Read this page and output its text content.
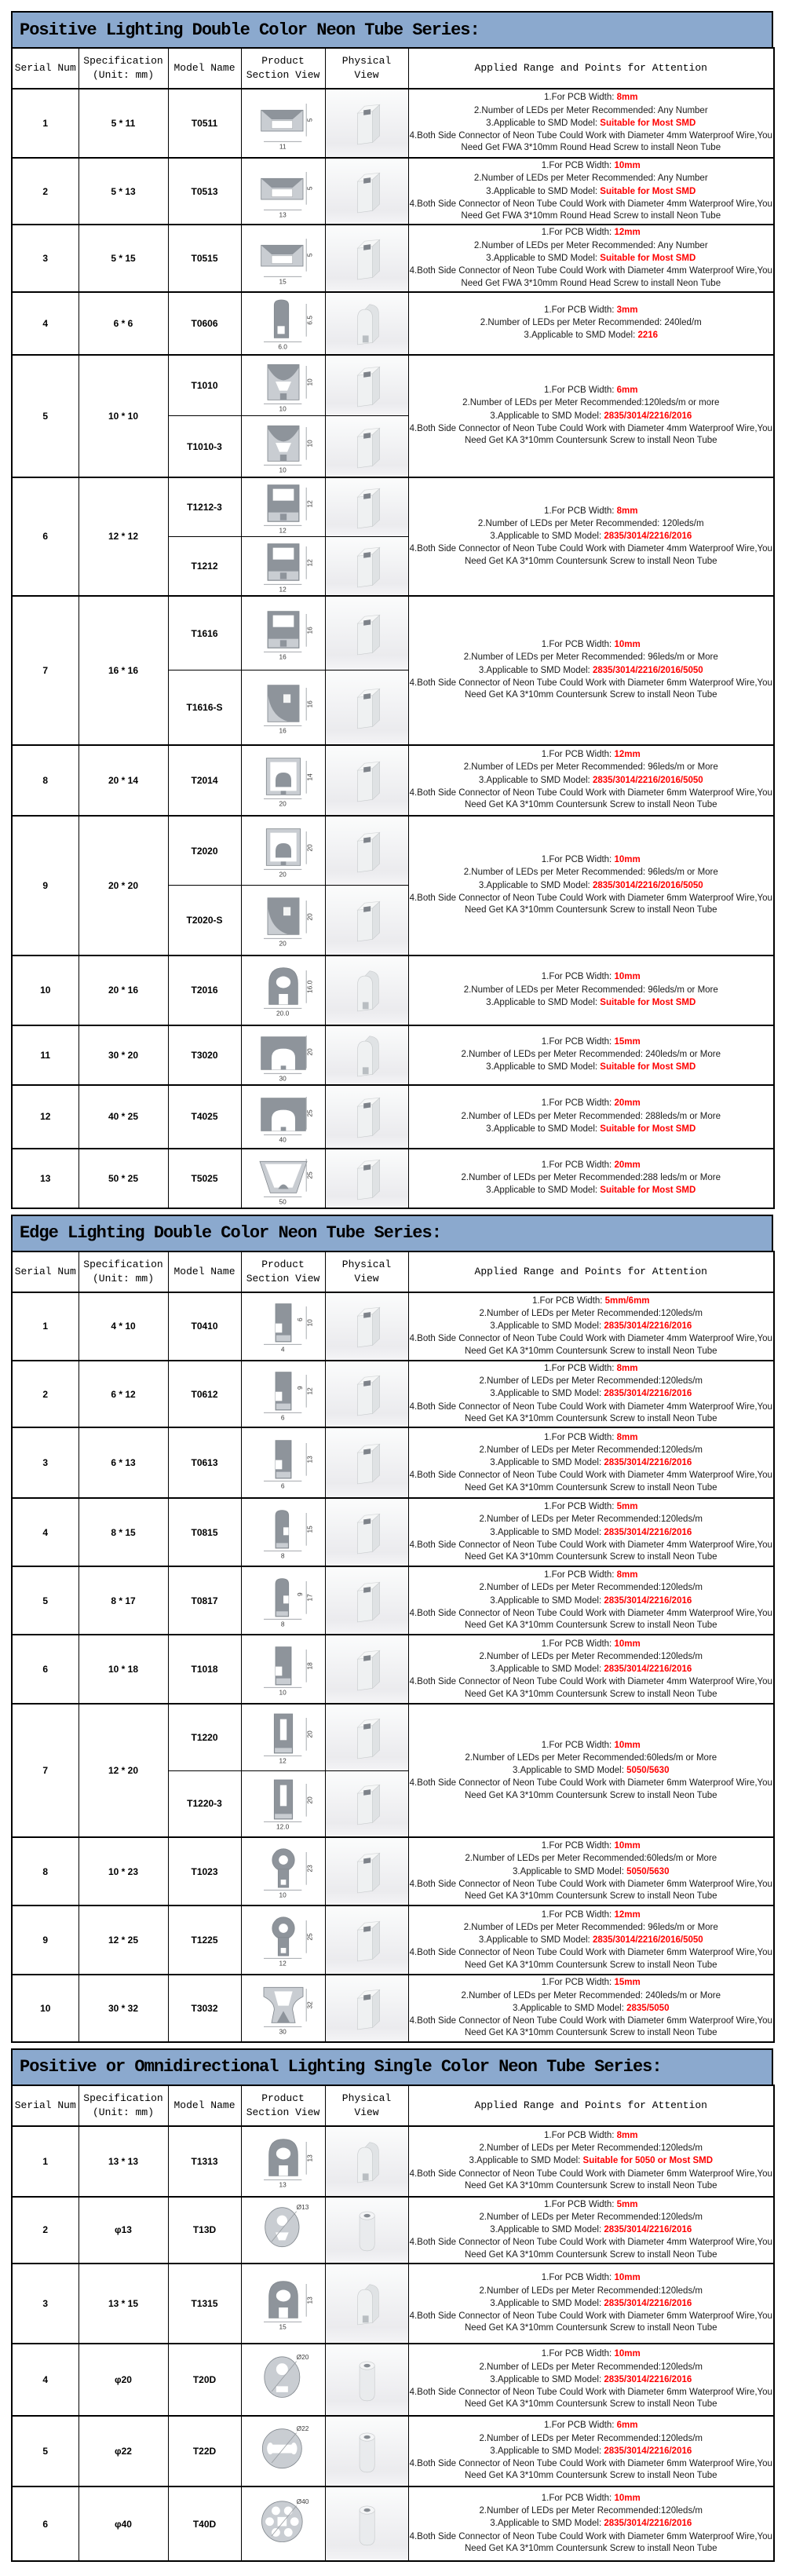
Positive Lighting Double Color Neon Tube Series:
Serial Num	Specification (Unit: mm)	Model Name	Product Section View	Physical View	Applied Range and Points for Attention
1	5 * 11	T0511	
11
5

1.For PCB Width: 8mm
2.Number of LEDs per Meter Recommended: Any Number
3.Applicable to SMD Model: Suitable for Most SMD
4.Both Side Connector of Neon Tube Could Work with Diameter 4mm Waterproof Wire,You Need Get FWA 3*10mm Round Head Screw to install Neon Tube

2	5 * 13	T0513	
13
5

1.For PCB Width: 10mm
2.Number of LEDs per Meter Recommended: Any Number
3.Applicable to SMD Model: Suitable for Most SMD
4.Both Side Connector of Neon Tube Could Work with Diameter 4mm Waterproof Wire,You Need Get FWA 3*10mm Round Head Screw to install Neon Tube

3	5 * 15	T0515	
15
5

1.For PCB Width: 12mm
2.Number of LEDs per Meter Recommended: Any Number
3.Applicable to SMD Model: Suitable for Most SMD
4.Both Side Connector of Neon Tube Could Work with Diameter 4mm Waterproof Wire,You Need Get FWA 3*10mm Round Head Screw to install Neon Tube

4	6 * 6	T0606	
6.0
6.5

1.For PCB Width: 3mm
2.Number of LEDs per Meter Recommended: 240led/m
3.Applicable to SMD Model: 2216

5	10 * 10	T1010	
10
10

1.For PCB Width: 6mm
2.Number of LEDs per Meter Recommended:120leds/m or more
3.Applicable to SMD Model: 2835/3014/2216/2016
4.Both Side Connector of Neon Tube Could Work with Diameter 4mm Waterproof Wire,You Need Get KA 3*10mm Countersunk Screw to install Neon Tube

		T1010-3	10
10

6	12 * 12	T1212-3	
12
12

1.For PCB Width: 8mm
2.Number of LEDs per Meter Recommended: 120leds/m
3.Applicable to SMD Model: 2835/3014/2216/2016
4.Both Side Connector of Neon Tube Could Work with Diameter 4mm Waterproof Wire,You Need Get KA 3*10mm Countersunk Screw to install Neon Tube

		T1212	12
12

7	16 * 16	T1616	
16
16

1.For PCB Width: 10mm
2.Number of LEDs per Meter Recommended: 96leds/m or More
3.Applicable to SMD Model: 2835/3014/2216/2016/5050
4.Both Side Connector of Neon Tube Could Work with Diameter 6mm Waterproof Wire,You Need Get KA 3*10mm Countersunk Screw to install Neon Tube

		T1616-S	16
16

8	20 * 14	T2014	
20
14

1.For PCB Width: 12mm
2.Number of LEDs per Meter Recommended: 96leds/m or More
3.Applicable to SMD Model: 2835/3014/2216/2016/5050
4.Both Side Connector of Neon Tube Could Work with Diameter 6mm Waterproof Wire,You Need Get KA 3*10mm Countersunk Screw to install Neon Tube

9	20 * 20	T2020	
20
20

1.For PCB Width: 10mm
2.Number of LEDs per Meter Recommended: 96leds/m or More
3.Applicable to SMD Model: 2835/3014/2216/2016/5050
4.Both Side Connector of Neon Tube Could Work with Diameter 6mm Waterproof Wire,You Need Get KA 3*10mm Countersunk Screw to install Neon Tube

		T2020-S	20
20

10	20 * 16	T2016	
20.0
16.0

1.For PCB Width: 10mm
2.Number of LEDs per Meter Recommended: 96leds/m or More
3.Applicable to SMD Model: Suitable for Most SMD

11	30 * 20	T3020	
30
20

1.For PCB Width: 15mm
2.Number of LEDs per Meter Recommended: 240leds/m or More
3.Applicable to SMD Model: Suitable for Most SMD

12	40 * 25	T4025	
40
25

1.For PCB Width: 20mm
2.Number of LEDs per Meter Recommended: 288leds/m or More
3.Applicable to SMD Model: Suitable for Most SMD

13	50 * 25	T5025	
50
25

1.For PCB Width: 20mm
2.Number of LEDs per Meter Recommended:288 leds/m or More
3.Applicable to SMD Model: Suitable for Most SMD
Edge Lighting Double Color Neon Tube Series:
Serial Num	Specification (Unit: mm)	Model Name	Product Section View	Physical View	Applied Range and Points for Attention
1	4 * 10	T0410	
4
10
6

1.For PCB Width: 5mm/6mm
2.Number of LEDs per Meter Recommended:120leds/m
3.Applicable to SMD Model: 2835/3014/2216/2016
4.Both Side Connector of Neon Tube Could Work with Diameter 4mm Waterproof Wire,You Need Get KA 3*10mm Countersunk Screw to install Neon Tube

2	6 * 12	T0612	
6
12
9

1.For PCB Width: 8mm
2.Number of LEDs per Meter Recommended:120leds/m
3.Applicable to SMD Model: 2835/3014/2216/2016
4.Both Side Connector of Neon Tube Could Work with Diameter 4mm Waterproof Wire,You Need Get KA 3*10mm Countersunk Screw to install Neon Tube

3	6 * 13	T0613	
6
13

1.For PCB Width: 8mm
2.Number of LEDs per Meter Recommended:120leds/m
3.Applicable to SMD Model: 2835/3014/2216/2016
4.Both Side Connector of Neon Tube Could Work with Diameter 4mm Waterproof Wire,You Need Get KA 3*10mm Countersunk Screw to install Neon Tube

4	8 * 15	T0815	
8
15

1.For PCB Width: 5mm
2.Number of LEDs per Meter Recommended:120leds/m
3.Applicable to SMD Model: 2835/3014/2216/2016
4.Both Side Connector of Neon Tube Could Work with Diameter 4mm Waterproof Wire,You Need Get KA 3*10mm Countersunk Screw to install Neon Tube

5	8 * 17	T0817	
8
17
9

1.For PCB Width: 8mm
2.Number of LEDs per Meter Recommended:120leds/m
3.Applicable to SMD Model: 2835/3014/2216/2016
4.Both Side Connector of Neon Tube Could Work with Diameter 4mm Waterproof Wire,You Need Get KA 3*10mm Countersunk Screw to install Neon Tube

6	10 * 18	T1018	
10
18

1.For PCB Width: 10mm
2.Number of LEDs per Meter Recommended:120leds/m
3.Applicable to SMD Model: 2835/3014/2216/2016
4.Both Side Connector of Neon Tube Could Work with Diameter 4mm Waterproof Wire,You Need Get KA 3*10mm Countersunk Screw to install Neon Tube

7	12 * 20	T1220	
12
20

1.For PCB Width: 10mm
2.Number of LEDs per Meter Recommended:60leds/m or More
3.Applicable to SMD Model: 5050/5630
4.Both Side Connector of Neon Tube Could Work with Diameter 6mm Waterproof Wire,You Need Get KA 3*10mm Countersunk Screw to install Neon Tube

		T1220-3	12.0
20

8	10 * 23	T1023	
10
23

1.For PCB Width: 10mm
2.Number of LEDs per Meter Recommended:60leds/m or More
3.Applicable to SMD Model: 5050/5630
4.Both Side Connector of Neon Tube Could Work with Diameter 6mm Waterproof Wire,You Need Get KA 3*10mm Countersunk Screw to install Neon Tube

9	12 * 25	T1225	
12
25

1.For PCB Width: 12mm
2.Number of LEDs per Meter Recommended: 96leds/m or More
3.Applicable to SMD Model: 2835/3014/2216/2016/5050
4.Both Side Connector of Neon Tube Could Work with Diameter 6mm Waterproof Wire,You Need Get KA 3*10mm Countersunk Screw to install Neon Tube

10	30 * 32	T3032	
30
32

1.For PCB Width: 15mm
2.Number of LEDs per Meter Recommended: 240leds/m or More
3.Applicable to SMD Model: 2835/5050
4.Both Side Connector of Neon Tube Could Work with Diameter 6mm Waterproof Wire,You Need Get KA 3*10mm Countersunk Screw to install Neon Tube
Positive or Omnidirectional Lighting Single Color Neon Tube Series:
Serial Num	Specification (Unit: mm)	Model Name	Product Section View	Physical View	Applied Range and Points for Attention
1	13 * 13	T1313	
13
13

1.For PCB Width: 8mm
2.Number of LEDs per Meter Recommended:120leds/m
3.Applicable to SMD Model: Suitable for 5050 or Most SMD
4.Both Side Connector of Neon Tube Could Work with Diameter 6mm Waterproof Wire,You Need Get KA 3*10mm Countersunk Screw to install Neon Tube

2	φ13	T13D	Ø13		1.For PCB Width: 5mm
2.Number of LEDs per Meter Recommended:120leds/m
3.Applicable to SMD Model: 2835/3014/2216/2016
4.Both Side Connector of Neon Tube Could Work with Diameter 4mm Waterproof Wire,You Need Get KA 3*10mm Countersunk Screw to install Neon Tube

3	13 * 15	T1315	
15
13

1.For PCB Width: 10mm
2.Number of LEDs per Meter Recommended:120leds/m
3.Applicable to SMD Model: 2835/3014/2216/2016
4.Both Side Connector of Neon Tube Could Work with Diameter 6mm Waterproof Wire,You Need Get KA 3*10mm Countersunk Screw to install Neon Tube

4	φ20	T20D	Ø20		1.For PCB Width: 10mm
2.Number of LEDs per Meter Recommended:120leds/m
3.Applicable to SMD Model: 2835/3014/2216/2016
4.Both Side Connector of Neon Tube Could Work with Diameter 6mm Waterproof Wire,You Need Get KA 3*10mm Countersunk Screw to install Neon Tube

5	φ22	T22D	Ø22		1.For PCB Width: 6mm
2.Number of LEDs per Meter Recommended:120leds/m
3.Applicable to SMD Model: 2835/3014/2216/2016
4.Both Side Connector of Neon Tube Could Work with Diameter 6mm Waterproof Wire,You Need Get KA 3*10mm Countersunk Screw to install Neon Tube

6	φ40	T40D	Ø40		1.For PCB Width: 10mm
2.Number of LEDs per Meter Recommended:120leds/m
3.Applicable to SMD Model: 2835/3014/2216/2016
4.Both Side Connector of Neon Tube Could Work with Diameter 6mm Waterproof Wire,You Need Get KA 3*10mm Countersunk Screw to install Neon Tube
